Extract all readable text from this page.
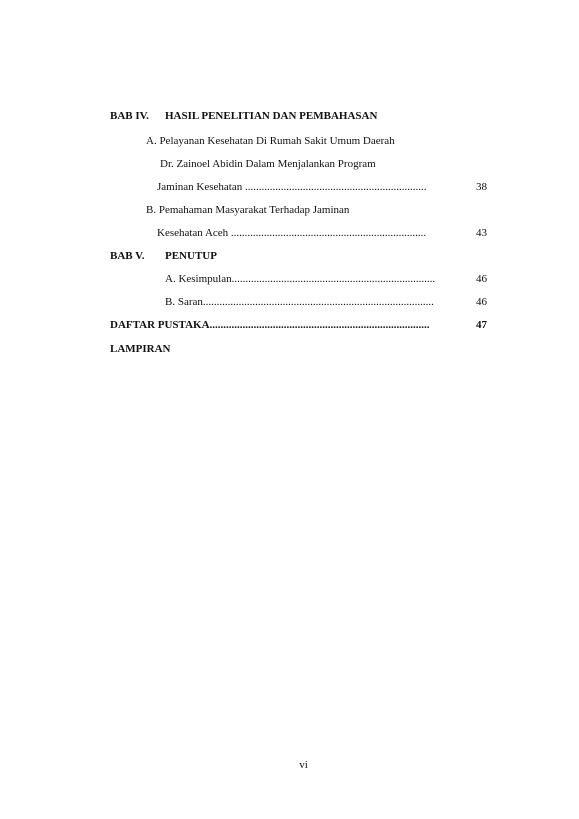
BAB IV. HASIL PENELITIAN DAN PEMBAHASAN
A. Pelayanan Kesehatan Di Rumah Sakit Umum Daerah
Dr. Zainoel Abidin Dalam Menjalankan Program
Jaminan Kesehatan ..................................................................	38
B. Pemahaman Masyarakat Terhadap Jaminan
Kesehatan Aceh .......................................................................	43
BAB V. PENUTUP
A. Kesimpulan..........................................................................	46
B. Saran....................................................................................	46
DAFTAR PUSTAKA................................................................................	47
LAMPIRAN
vi
